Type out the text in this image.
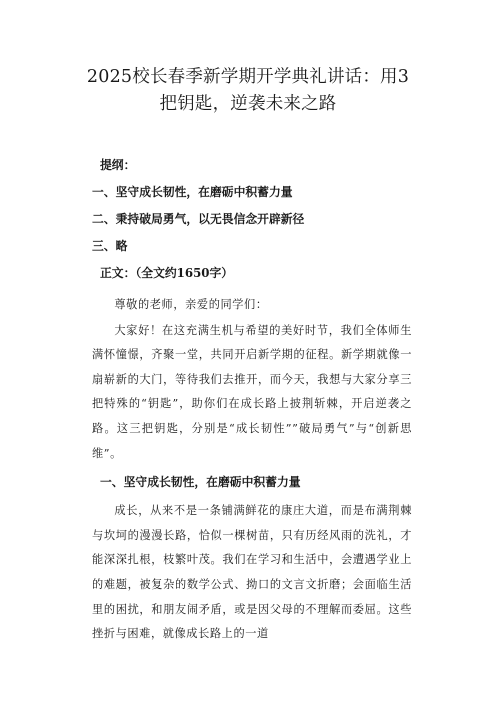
2025校长春季新学期开学典礼讲话：用3把钥匙，逆袭未来之路
提纲：
一、坚守成长韧性，在磨砺中积蓄力量
二、秉持破局勇气，以无畏信念开辟新径
三、略
正文：（全文约1650字）

尊敬的老师，亲爱的同学们：

大家好！在这充满生机与希望的美好时节，我们全体师生满怀憧憬，齐聚一堂，共同开启新学期的征程。新学期就像一扇崭新的大门，等待我们去推开，而今天，我想与大家分享三把特殊的“钥匙”，助你们在成长路上披荆斩棘，开启逆袭之路。这三把钥匙，分别是“成长韧性””破局勇气”与“创新思维”。

一、坚守成长韧性，在磨砺中积蓄力量

成长，从来不是一条铺满鲜花的康庄大道，而是布满荆棘与坎坷的漫漫长路，恰似一棵树苗，只有历经风雨的洗礼，才能深深扎根，枝繁叶茂。我们在学习和生活中，会遭遇学业上的难题，被复杂的数学公式、拗口的文言文折磨；会面临生活里的困扰，和朋友闹矛盾，或是因父母的不理解而委屈。这些挫折与困难，就像成长路上的一道
